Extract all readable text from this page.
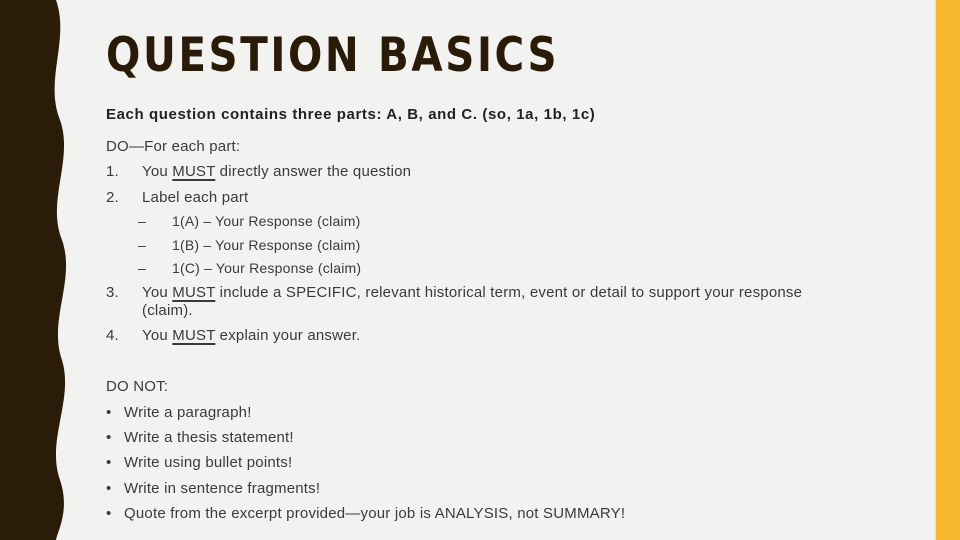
QUESTION BASICS
Each question contains three parts: A, B, and C. (so, 1a, 1b, 1c)
DO—For each part:
1. You MUST directly answer the question
2. Label each part
– 1(A) – Your Response (claim)
– 1(B) – Your Response (claim)
– 1(C) – Your Response (claim)
3. You MUST include a SPECIFIC, relevant historical term, event or detail to support your response
(claim).
4. You MUST explain your answer.
DO NOT:
• Write a paragraph!
• Write a thesis statement!
• Write using bullet points!
• Write in sentence fragments!
• Quote from the excerpt provided—your job is ANALYSIS, not SUMMARY!
